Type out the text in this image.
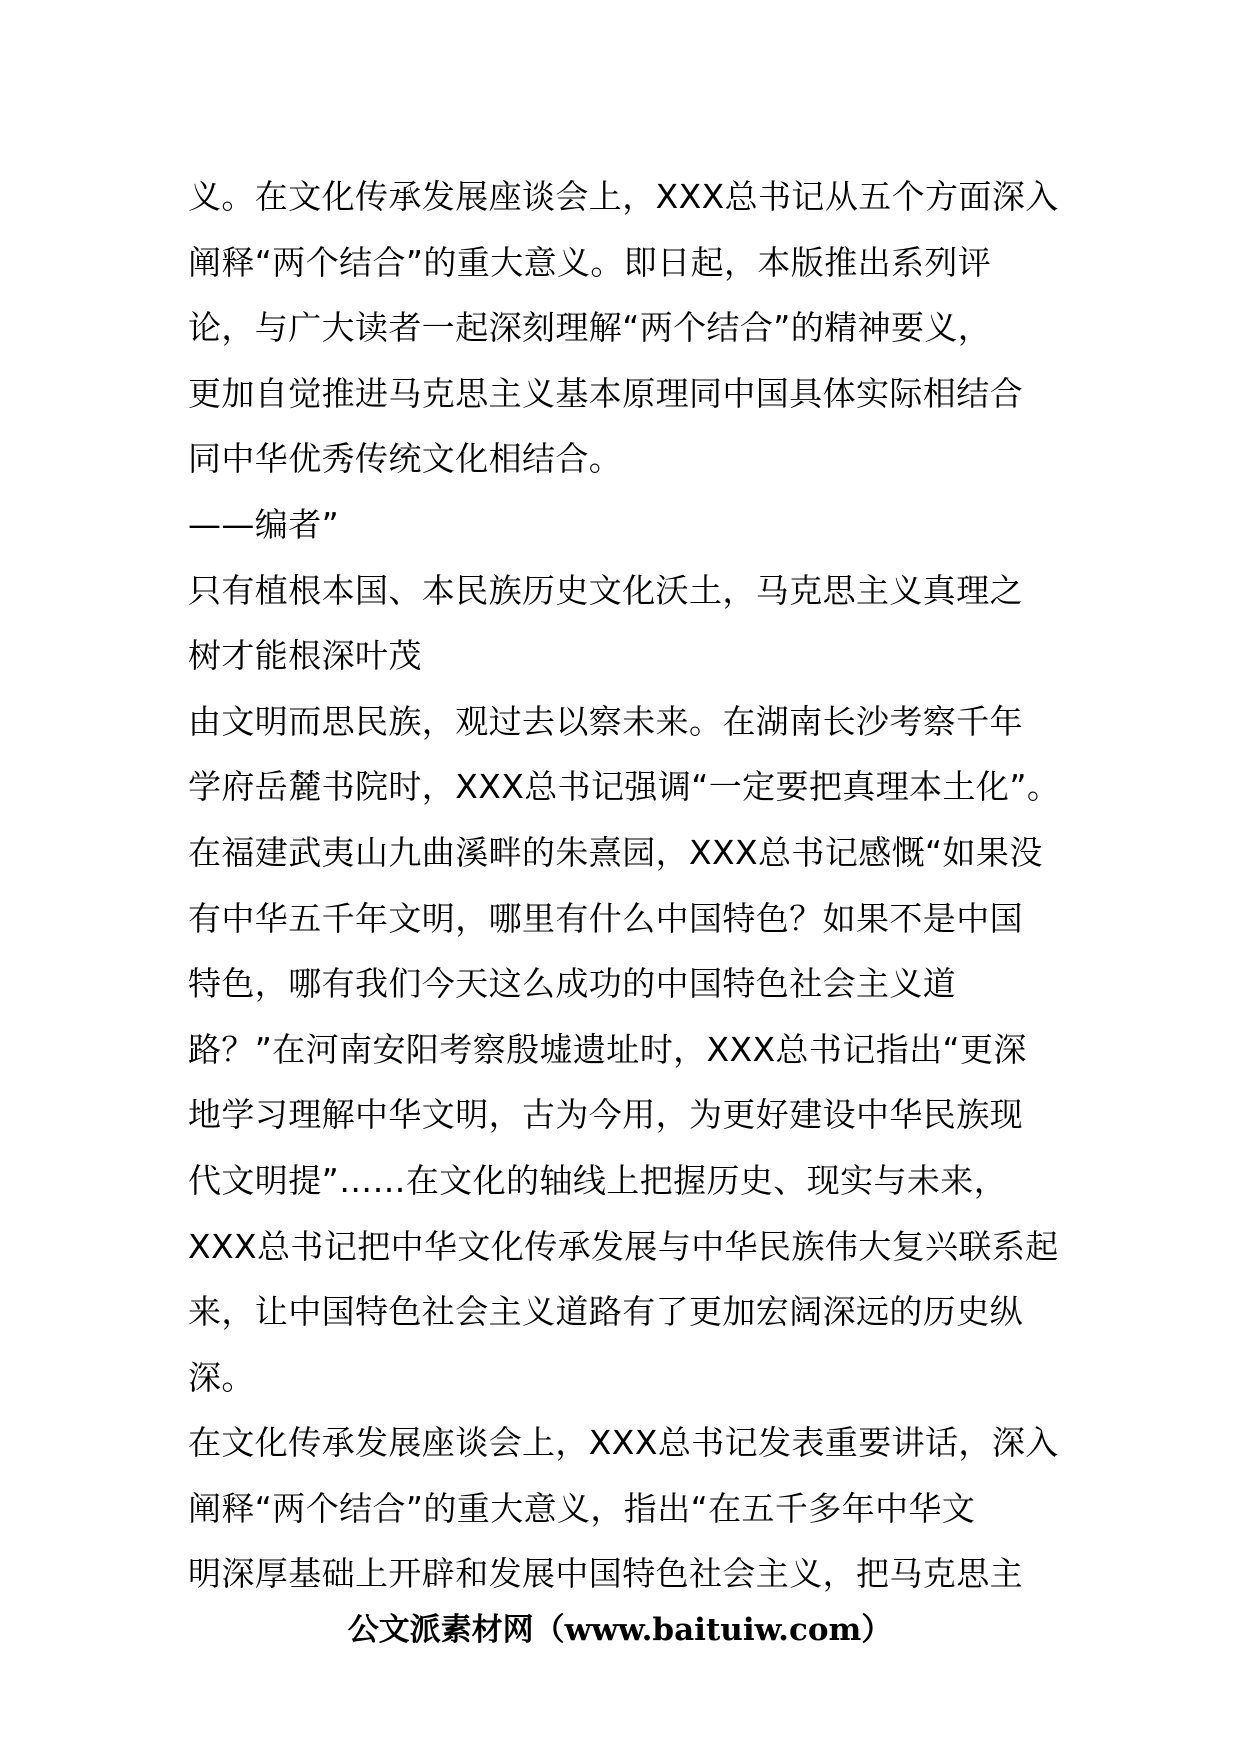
义。在文化传承发展座谈会上，XXX总书记从五个方面深入
阐释“两个结合”的重大意义。即日起，本版推出系列评
论，与广大读者一起深刻理解“两个结合”的精神要义，
更加自觉推进马克思主义基本原理同中国具体实际相结合
同中华优秀传统文化相结合。
——编者”
只有植根本国、本民族历史文化沃土，马克思主义真理之
树才能根深叶茂
由文明而思民族，观过去以察未来。在湖南长沙考察千年
学府岳麓书院时，XXX总书记强调“一定要把真理本土化”。
在福建武夷山九曲溪畔的朱熹园，XXX总书记感慨“如果没
有中华五千年文明，哪里有什么中国特色？如果不是中国
特色，哪有我们今天这么成功的中国特色社会主义道
路？”在河南安阳考察殷墟遗址时，XXX总书记指出“更深
地学习理解中华文明，古为今用，为更好建设中华民族现
代文明提”……在文化的轴线上把握历史、现实与未来，
XXX总书记把中华文化传承发展与中华民族伟大复兴联系起
来，让中国特色社会主义道路有了更加宏阔深远的历史纵
深。
在文化传承发展座谈会上，XXX总书记发表重要讲话，深入
阐释“两个结合”的重大意义，指出“在五千多年中华文
明深厚基础上开辟和发展中国特色社会主义，把马克思主
公文派素材网（www.baituiw.com）
